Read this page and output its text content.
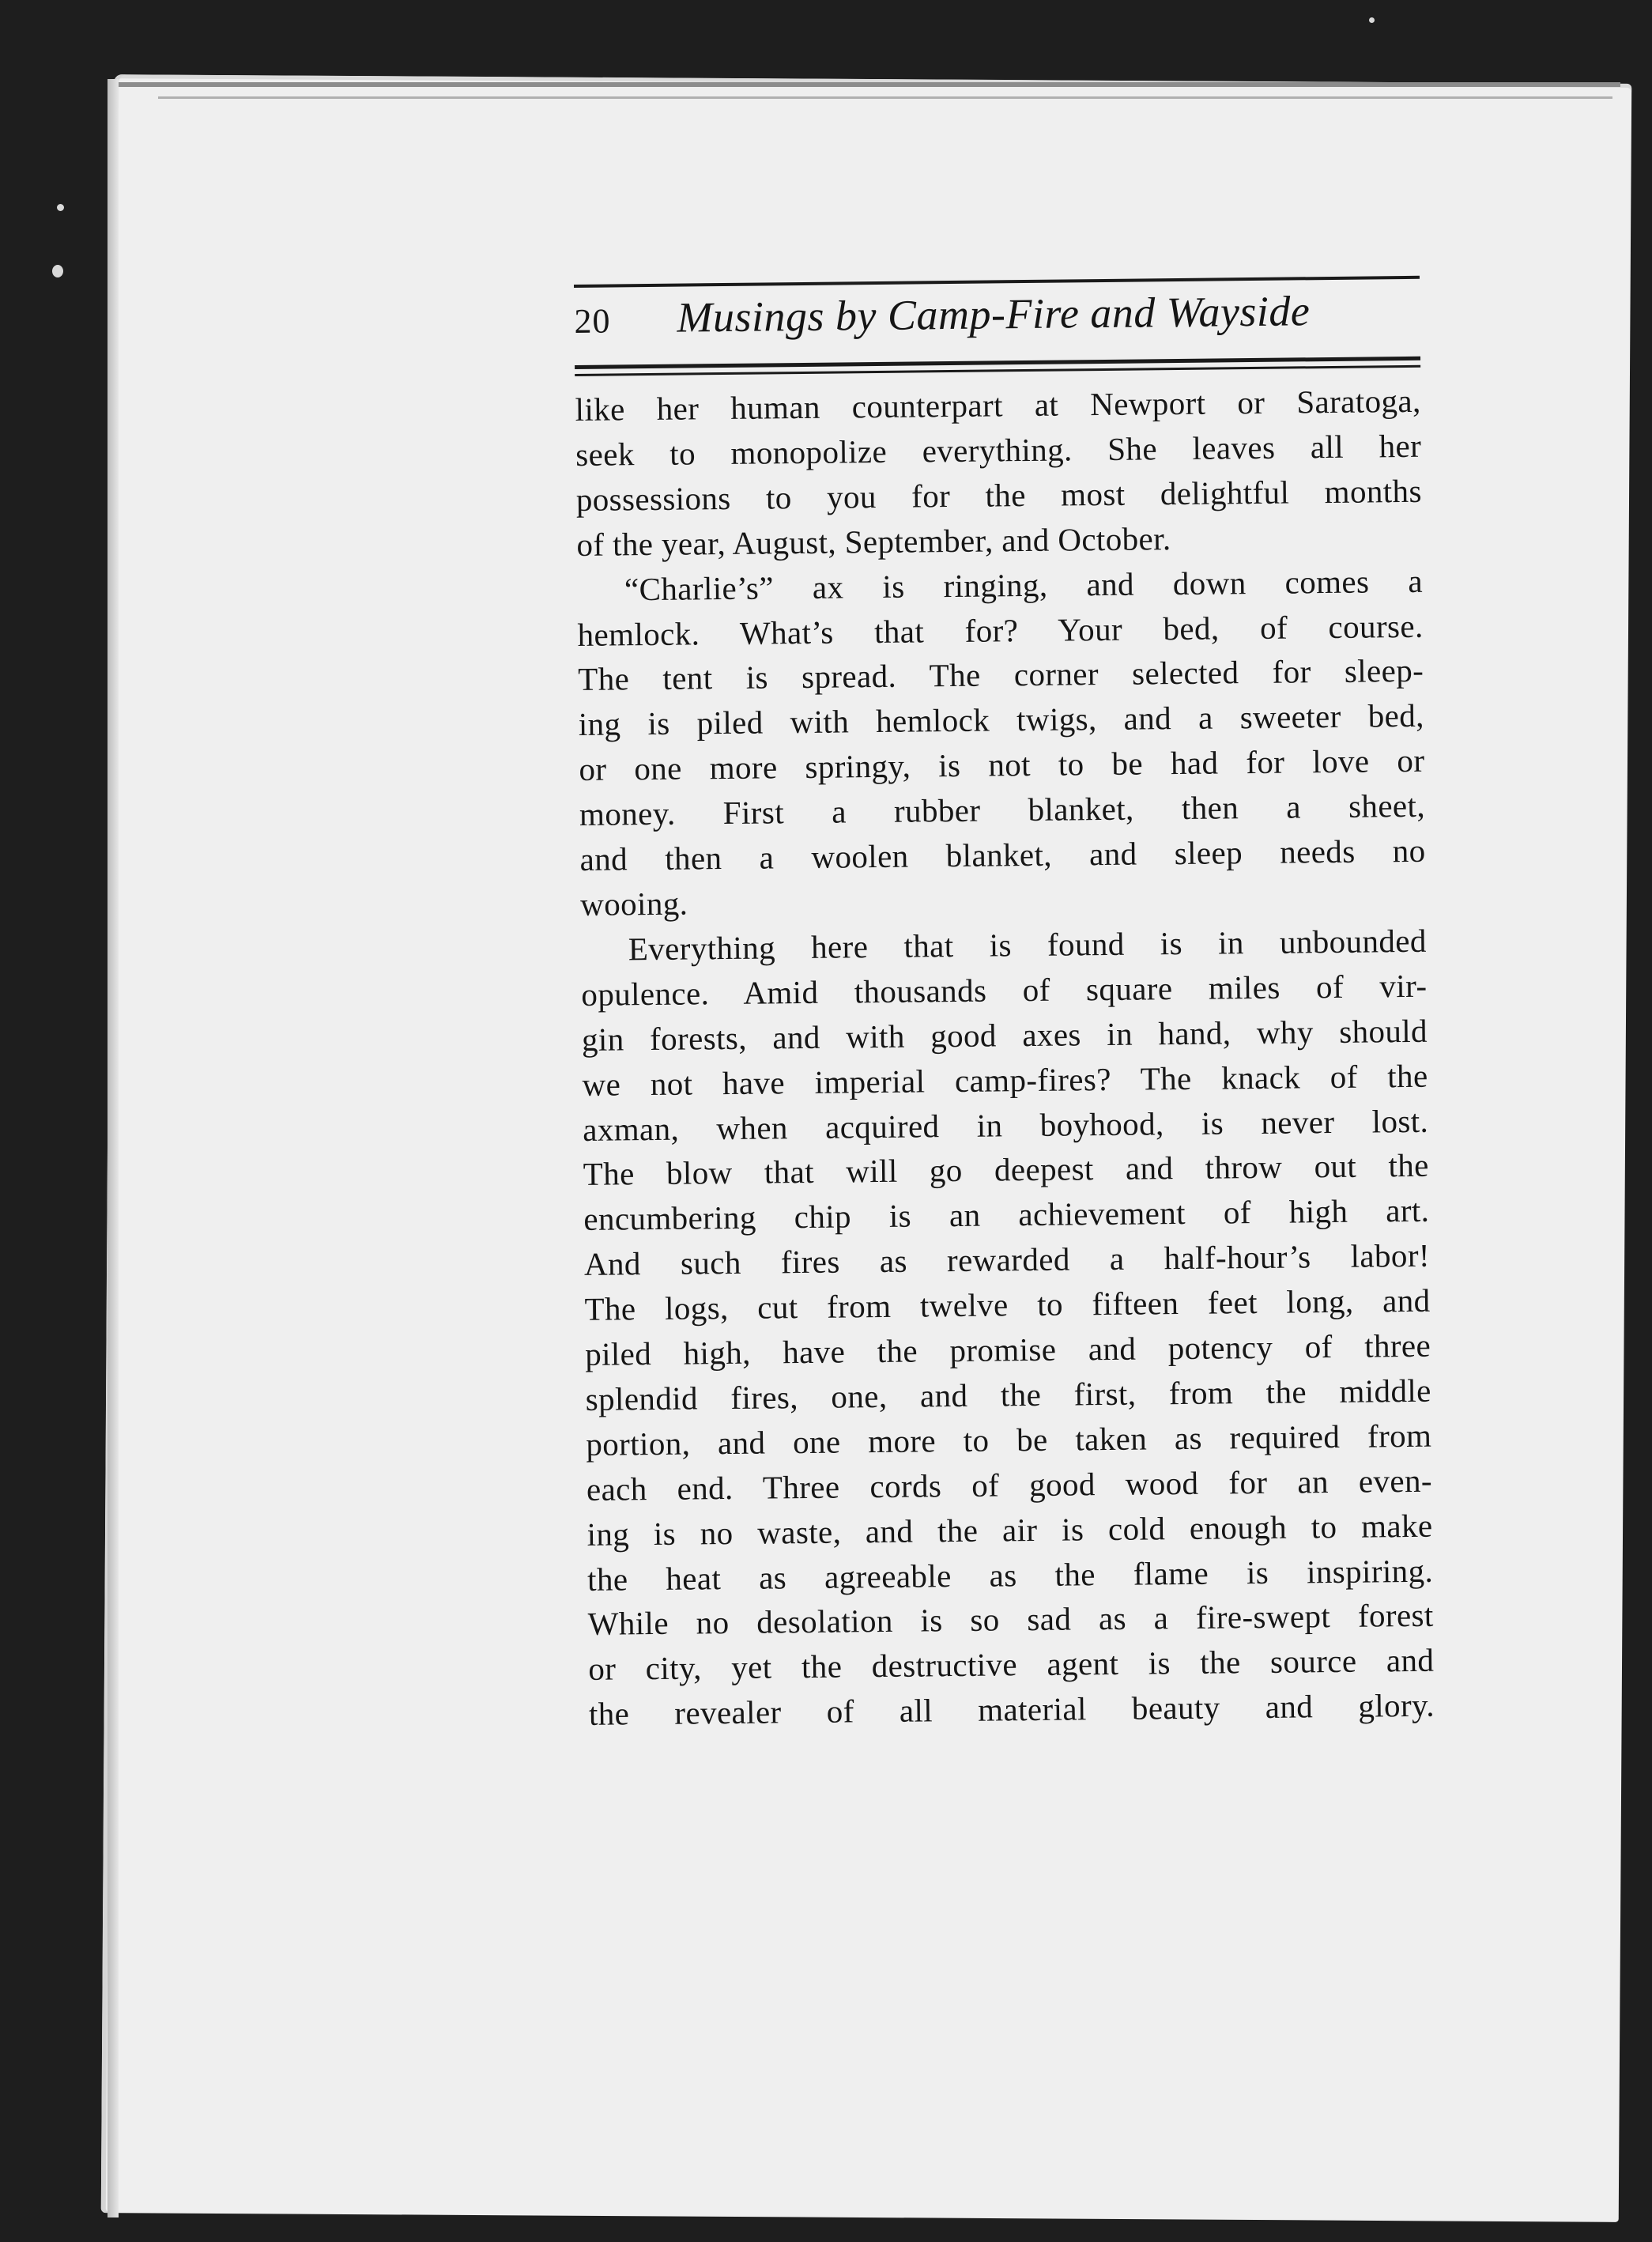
20	Musings by Camp-Fire and Wayside
like her human counterpart at Newport or Saratoga,
seek to monopolize everything. She leaves all her
possessions to you for the most delightful months
of the year, August, September, and October.
“Charlie’s” ax is ringing, and down comes a
hemlock. What’s that for? Your bed, of course.
The tent is spread. The corner selected for sleep-
ing is piled with hemlock twigs, and a sweeter bed,
or one more springy, is not to be had for love or
money. First a rubber blanket, then a sheet,
and then a woolen blanket, and sleep needs no
wooing.
Everything here that is found is in unbounded
opulence. Amid thousands of square miles of vir-
gin forests, and with good axes in hand, why should
we not have imperial camp-fires? The knack of the
axman, when acquired in boyhood, is never lost.
The blow that will go deepest and throw out the
encumbering chip is an achievement of high art.
And such fires as rewarded a half-hour’s labor!
The logs, cut from twelve to fifteen feet long, and
piled high, have the promise and potency of three
splendid fires, one, and the first, from the middle
portion, and one more to be taken as required from
each end. Three cords of good wood for an even-
ing is no waste, and the air is cold enough to make
the heat as agreeable as the flame is inspiring.
While no desolation is so sad as a fire-swept forest
or city, yet the destructive agent is the source and
the revealer of all material beauty and glory.
